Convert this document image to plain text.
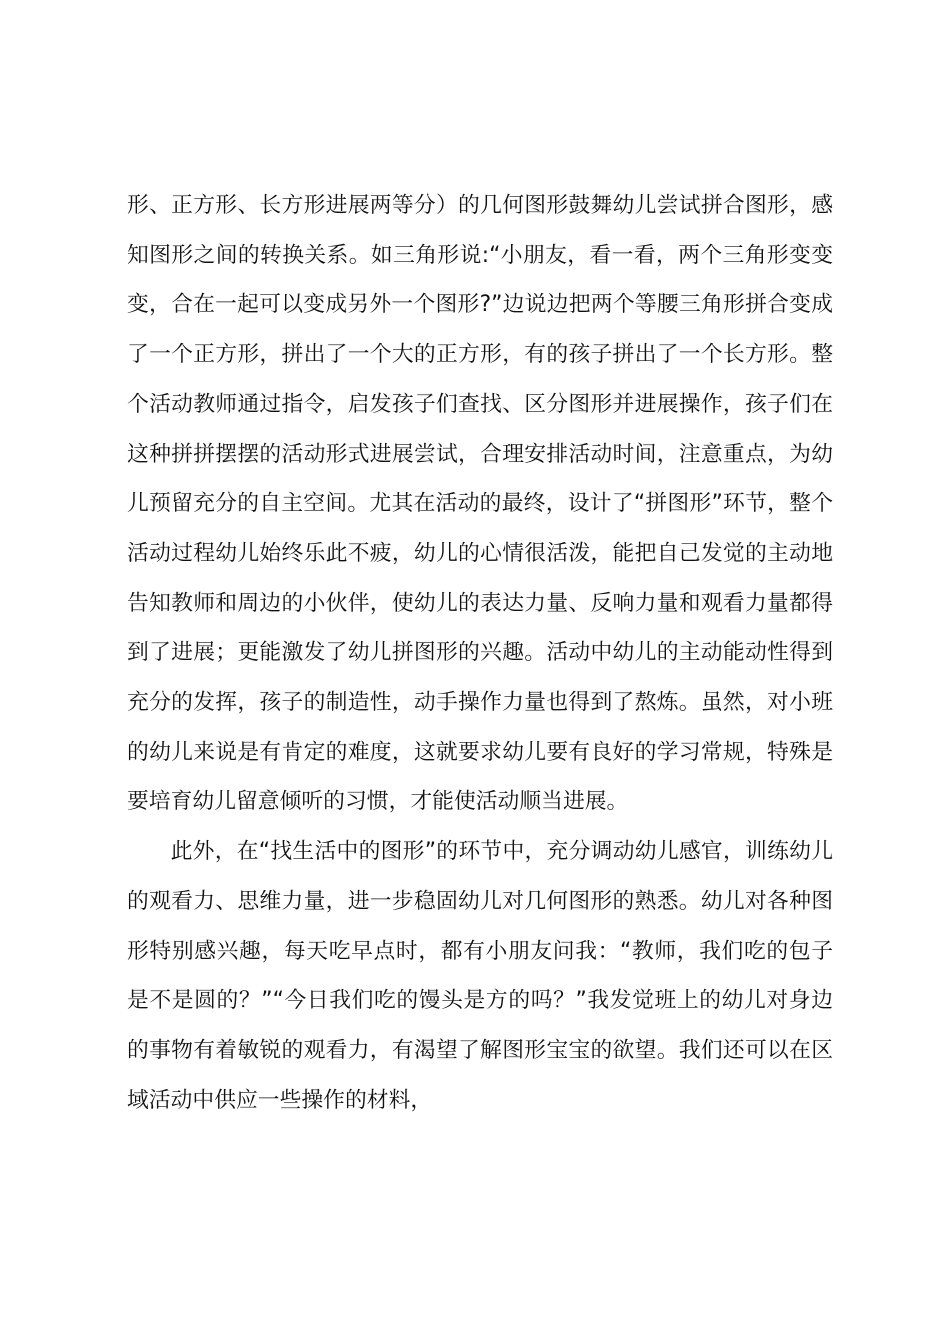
形、正方形、长方形进展两等分）的几何图形鼓舞幼儿尝试拼合图形，感知图形之间的转换关系。如三角形说:“小朋友，看一看，两个三角形变变变，合在一起可以变成另外一个图形?”边说边把两个等腰三角形拼合变成了一个正方形，拼出了一个大的正方形，有的孩子拼出了一个长方形。整个活动教师通过指令，启发孩子们查找、区分图形并进展操作，孩子们在这种拼拼摆摆的活动形式进展尝试，合理安排活动时间，注意重点，为幼儿预留充分的自主空间。尤其在活动的最终，设计了“拼图形”环节，整个活动过程幼儿始终乐此不疲，幼儿的心情很活泼，能把自己发觉的主动地告知教师和周边的小伙伴，使幼儿的表达力量、反响力量和观看力量都得到了进展；更能激发了幼儿拼图形的兴趣。活动中幼儿的主动能动性得到充分的发挥，孩子的制造性，动手操作力量也得到了熬炼。虽然，对小班的幼儿来说是有肯定的难度，这就要求幼儿要有良好的学习常规，特殊是要培育幼儿留意倾听的习惯，才能使活动顺当进展。

此外，在“找生活中的图形”的环节中，充分调动幼儿感官，训练幼儿的观看力、思维力量，进一步稳固幼儿对几何图形的熟悉。幼儿对各种图形特别感兴趣，每天吃早点时，都有小朋友问我：“教师，我们吃的包子是不是圆的？”“今日我们吃的馒头是方的吗？”我发觉班上的幼儿对身边的事物有着敏锐的观看力，有渴望了解图形宝宝的欲望。我们还可以在区域活动中供应一些操作的材料，
